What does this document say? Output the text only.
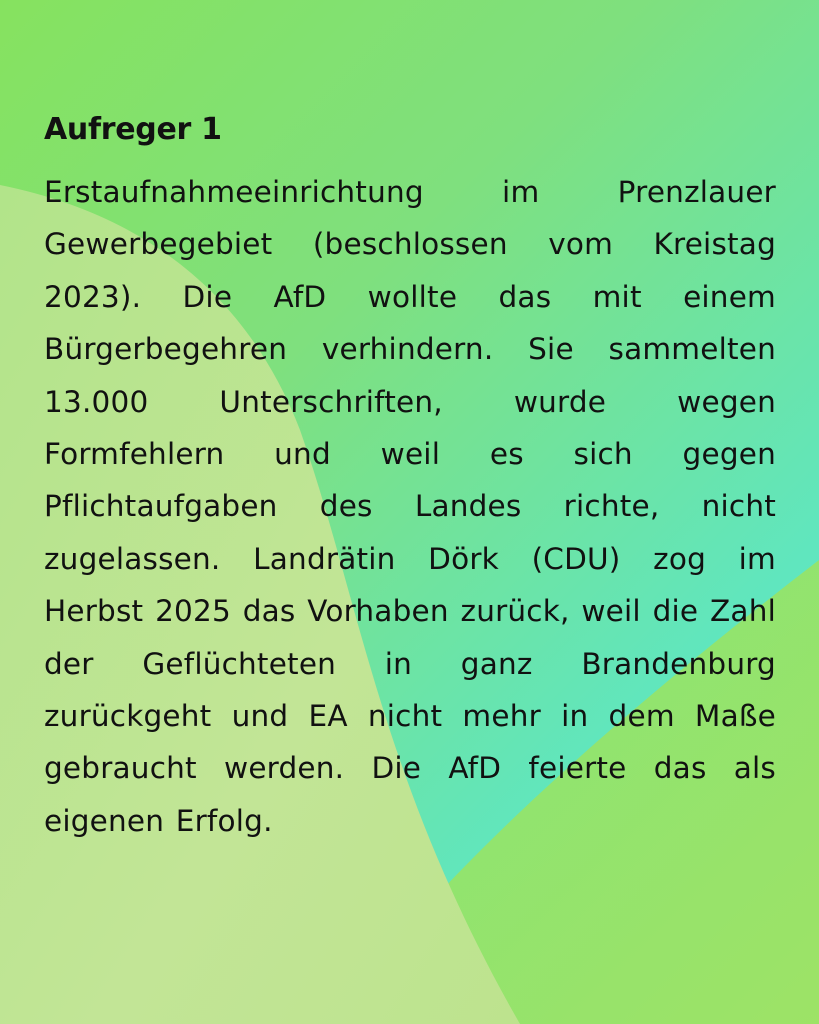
Aufreger 1

Erstaufnahmeeinrichtung im Prenzlauer Gewerbegebiet (beschlossen vom Kreistag 2023). Die AfD wollte das mit einem Bürgerbegehren verhindern. Sie sammelten 13.000 Unterschriften, wurde wegen Formfehlern und weil es sich gegen Pflichtaufgaben des Landes richte, nicht zugelassen. Landrätin Dörk (CDU) zog im Herbst 2025 das Vorhaben zurück, weil die Zahl der Geflüchteten in ganz Brandenburg zurückgeht und EA nicht mehr in dem Maße gebraucht werden. Die AfD feierte das als eigenen Erfolg.
